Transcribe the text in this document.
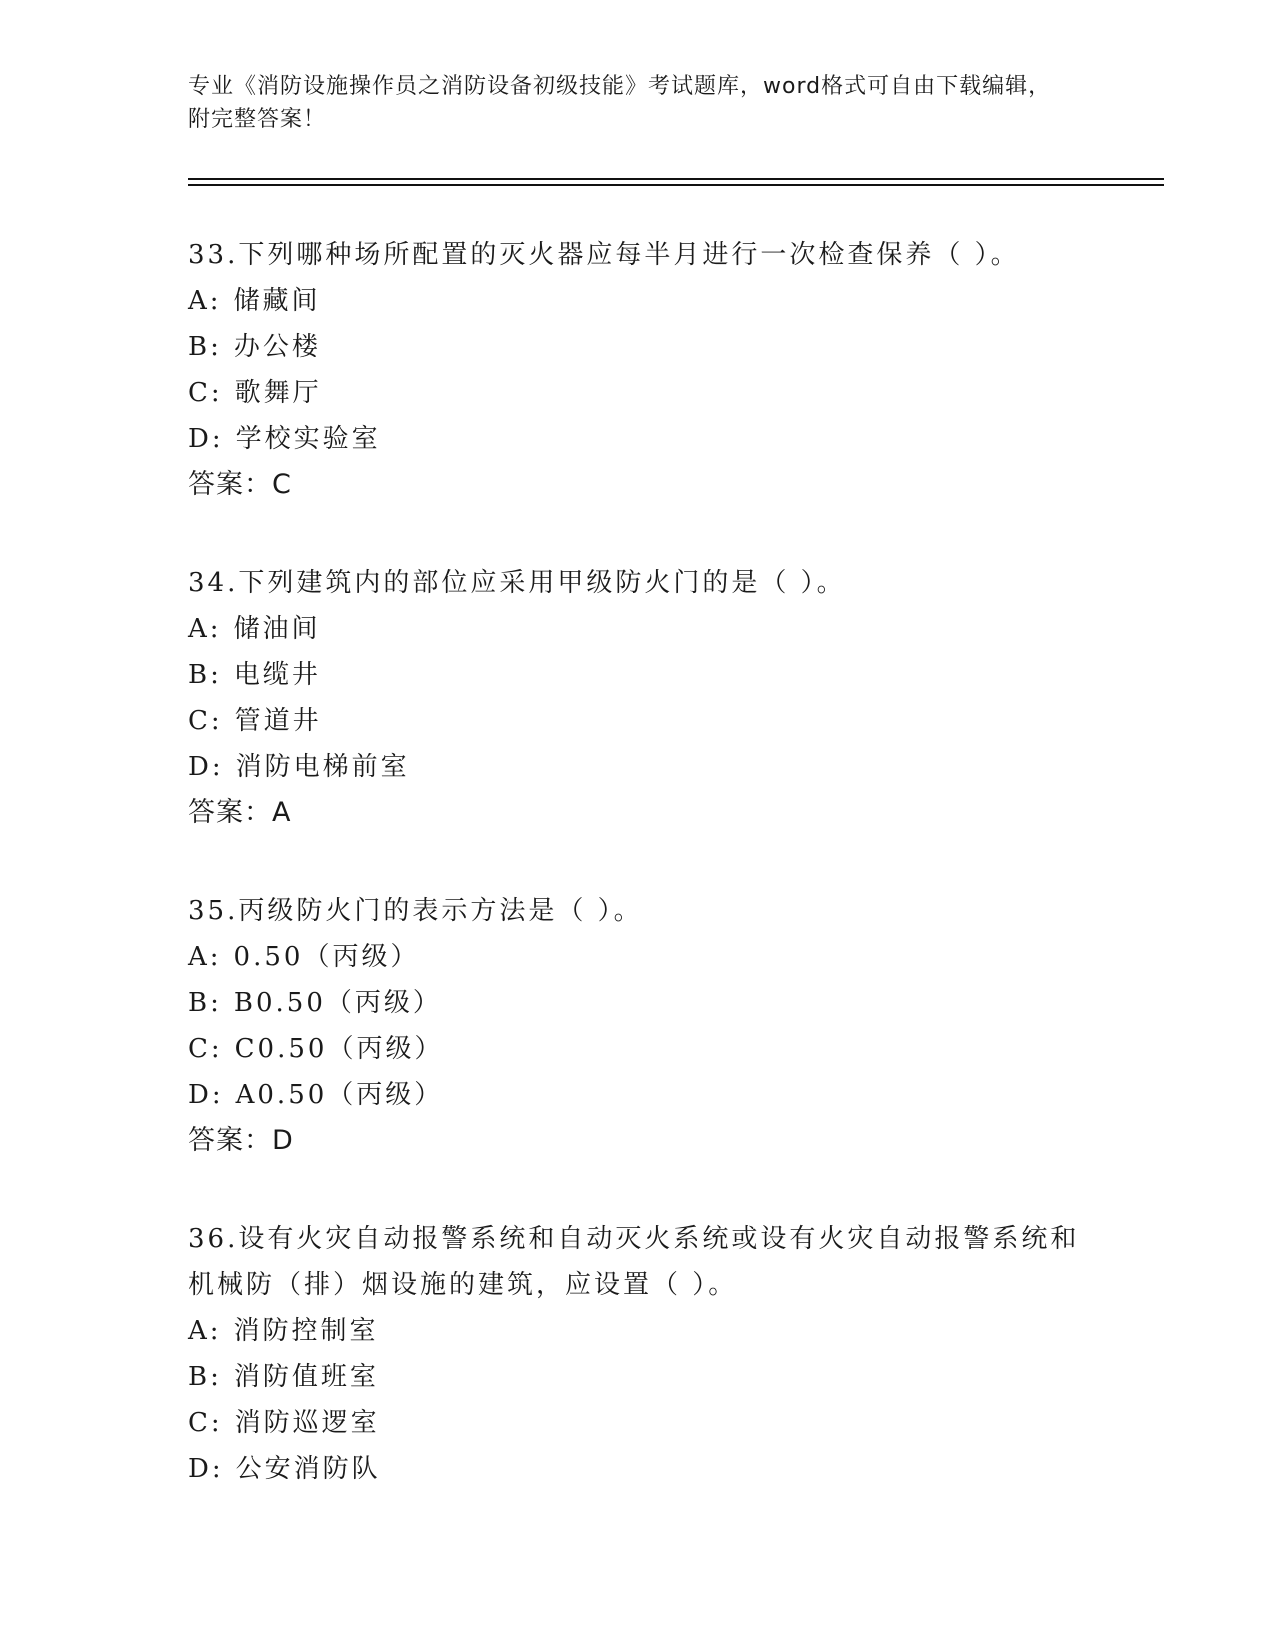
专业《消防设施操作员之消防设备初级技能》考试题库，word格式可自由下载编辑，附完整答案！
33.下列哪种场所配置的灭火器应每半月进行一次检查保养（ ）。
A: 储藏间
B: 办公楼
C: 歌舞厅
D: 学校实验室
答案：C
34.下列建筑内的部位应采用甲级防火门的是（ ）。
A: 储油间
B: 电缆井
C: 管道井
D: 消防电梯前室
答案：A
35.丙级防火门的表示方法是（ ）。
A: 0.50（丙级）
B: B0.50（丙级）
C: C0.50（丙级）
D: A0.50（丙级）
答案：D
36.设有火灾自动报警系统和自动灭火系统或设有火灾自动报警系统和机械防（排）烟设施的建筑，应设置（ ）。
A: 消防控制室
B: 消防值班室
C: 消防巡逻室
D: 公安消防队
